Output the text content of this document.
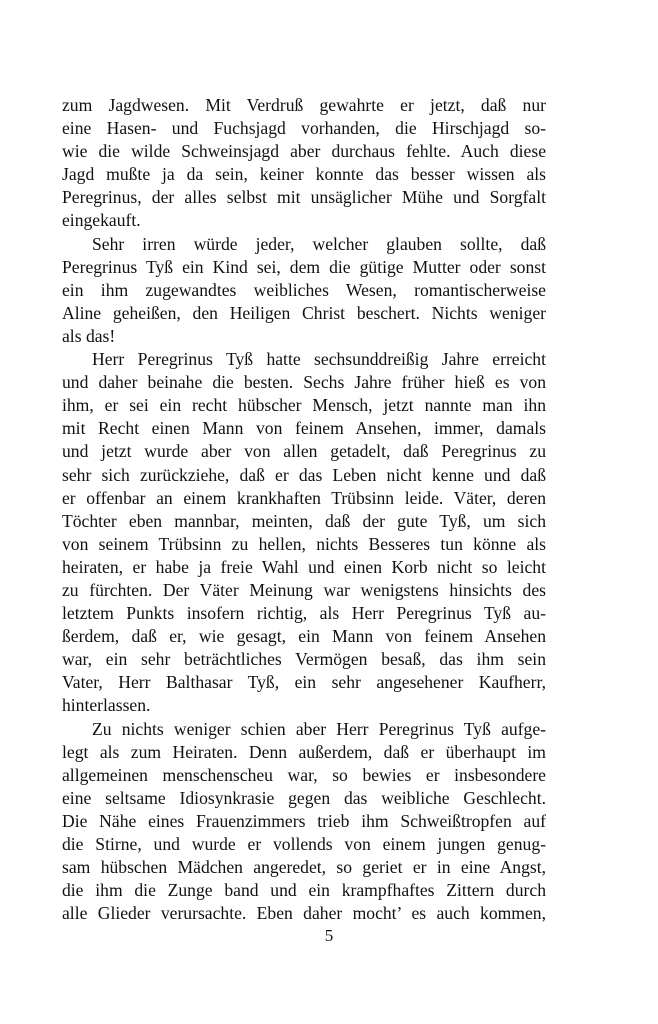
zum Jagdwesen. Mit Verdruß gewahrte er jetzt, daß nur
eine Hasen- und Fuchsjagd vorhanden, die Hirschjagd so-
wie die wilde Schweinsjagd aber durchaus fehlte. Auch diese
Jagd mußte ja da sein, keiner konnte das besser wissen als
Peregrinus, der alles selbst mit unsäglicher Mühe und Sorgfalt
eingekauft.
Sehr irren würde jeder, welcher glauben sollte, daß
Peregrinus Tyß ein Kind sei, dem die gütige Mutter oder sonst
ein ihm zugewandtes weibliches Wesen, romantischerweise
Aline geheißen, den Heiligen Christ beschert. Nichts weniger
als das!
Herr Peregrinus Tyß hatte sechsunddreißig Jahre erreicht
und daher beinahe die besten. Sechs Jahre früher hieß es von
ihm, er sei ein recht hübscher Mensch, jetzt nannte man ihn
mit Recht einen Mann von feinem Ansehen, immer, damals
und jetzt wurde aber von allen getadelt, daß Peregrinus zu
sehr sich zurückziehe, daß er das Leben nicht kenne und daß
er offenbar an einem krankhaften Trübsinn leide. Väter, deren
Töchter eben mannbar, meinten, daß der gute Tyß, um sich
von seinem Trübsinn zu hellen, nichts Besseres tun könne als
heiraten, er habe ja freie Wahl und einen Korb nicht so leicht
zu fürchten. Der Väter Meinung war wenigstens hinsichts des
letztem Punkts insofern richtig, als Herr Peregrinus Tyß au-
ßerdem, daß er, wie gesagt, ein Mann von feinem Ansehen
war, ein sehr beträchtliches Vermögen besaß, das ihm sein
Vater, Herr Balthasar Tyß, ein sehr angesehener Kaufherr,
hinterlassen.
Zu nichts weniger schien aber Herr Peregrinus Tyß aufge-
legt als zum Heiraten. Denn außerdem, daß er überhaupt im
allgemeinen menschenscheu war, so bewies er insbesondere
eine seltsame Idiosynkrasie gegen das weibliche Geschlecht.
Die Nähe eines Frauenzimmers trieb ihm Schweißtropfen auf
die Stirne, und wurde er vollends von einem jungen genug-
sam hübschen Mädchen angeredet, so geriet er in eine Angst,
die ihm die Zunge band und ein krampfhaftes Zittern durch
alle Glieder verursachte. Eben daher mocht’ es auch kommen,
5
